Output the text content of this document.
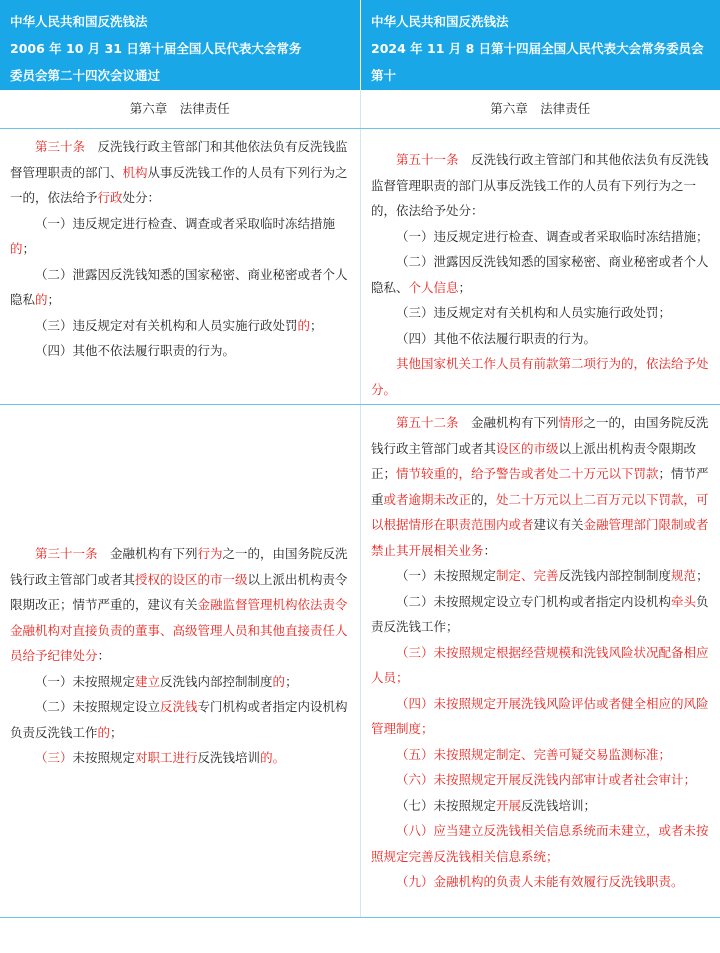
中华人民共和国反洗钱法
2006 年 10 月 31 日第十届全国人民代表大会常务
委员会第二十四次会议通过
中华人民共和国反洗钱法
2024 年 11 月 8 日第十四届全国人民代表大会常务委员会第十
二次会议修订
第六章　法律责任	第六章　法律责任

第三十条　反洗钱行政主管部门和其他依法负有反洗钱监督管理职责的部门、机构从事反洗钱工作的人员有下列行为之一的，依法给予行政处分：

（一）违反规定进行检查、调查或者采取临时冻结措施的；

（二）泄露因反洗钱知悉的国家秘密、商业秘密或者个人隐私的；

（三）违反规定对有关机构和人员实施行政处罚的；

（四）其他不依法履行职责的行为。

第五十一条　反洗钱行政主管部门和其他依法负有反洗钱监督管理职责的部门从事反洗钱工作的人员有下列行为之一的，依法给予处分：

（一）违反规定进行检查、调查或者采取临时冻结措施；

（二）泄露因反洗钱知悉的国家秘密、商业秘密或者个人隐私、个人信息；

（三）违反规定对有关机构和人员实施行政处罚；

（四）其他不依法履行职责的行为。

其他国家机关工作人员有前款第二项行为的，依法给予处分。

第三十一条　金融机构有下列行为之一的，由国务院反洗钱行政主管部门或者其授权的设区的市一级以上派出机构责令限期改正；情节严重的，建议有关金融监督管理机构依法责令金融机构对直接负责的董事、高级管理人员和其他直接责任人员给予纪律处分：

（一）未按照规定建立反洗钱内部控制制度的；

（二）未按照规定设立反洗钱专门机构或者指定内设机构负责反洗钱工作的；

（三）未按照规定对职工进行反洗钱培训的。

第五十二条　金融机构有下列情形之一的，由国务院反洗钱行政主管部门或者其设区的市级以上派出机构责令限期改正；情节较重的，给予警告或者处二十万元以下罚款；情节严重或者逾期未改正的，处二十万元以上二百万元以下罚款，可以根据情形在职责范围内或者建议有关金融管理部门限制或者禁止其开展相关业务：

（一）未按照规定制定、完善反洗钱内部控制制度规范；

（二）未按照规定设立专门机构或者指定内设机构牵头负责反洗钱工作；

（三）未按照规定根据经营规模和洗钱风险状况配备相应人员；

（四）未按照规定开展洗钱风险评估或者健全相应的风险管理制度；

（五）未按照规定制定、完善可疑交易监测标准；

（六）未按照规定开展反洗钱内部审计或者社会审计；

（七）未按照规定开展反洗钱培训；

（八）应当建立反洗钱相关信息系统而未建立，或者未按照规定完善反洗钱相关信息系统；

（九）金融机构的负责人未能有效履行反洗钱职责。
